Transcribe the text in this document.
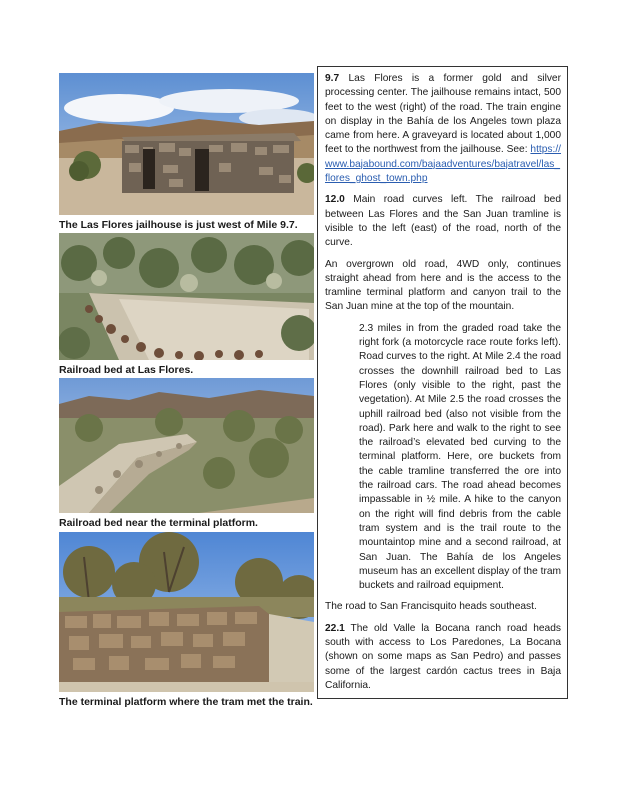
The Las Flores jailhouse is just west of Mile 9.7.
Railroad bed at Las Flores.
Railroad bed near the terminal platform.
The terminal platform where the tram met the train.

9.7 Las Flores is a former gold and silver processing center. The jailhouse remains intact, 500 feet to the west (right) of the road. The train engine on display in the Bahía de los Angeles town plaza came from here. A graveyard is located about 1,000 feet to the northwest from the jailhouse. See: https://www.bajabound.com/bajaadventures/bajatravel/las_flores_ghost_town.php

12.0 Main road curves left. The railroad bed between Las Flores and the San Juan tramline is visible to the left (east) of the road, north of the curve.

An overgrown old road, 4WD only, continues straight ahead from here and is the access to the tramline terminal platform and canyon trail to the San Juan mine at the top of the mountain.

2.3 miles in from the graded road take the right fork (a motorcycle race route forks left). Road curves to the right. At Mile 2.4 the road crosses the downhill railroad bed to Las Flores (only visible to the right, past the vegetation). At Mile 2.5 the road crosses the uphill railroad bed (also not visible from the road). Park here and walk to the right to see the railroad’s elevated bed curving to the terminal platform. Here, ore buckets from the cable tramline transferred the ore into the railroad cars. The road ahead becomes impassable in ½ mile. A hike to the canyon on the right will find debris from the cable tram system and is the trail route to the mountaintop mine and a second railroad, at San Juan. The Bahía de los Angeles museum has an excellent display of the tram buckets and railroad equipment.

The road to San Francisquito heads southeast.

22.1 The old Valle la Bocana ranch road heads south with access to Los Paredones, La Bocana (shown on some maps as San Pedro) and passes some of the largest cardón cactus trees in Baja California.
